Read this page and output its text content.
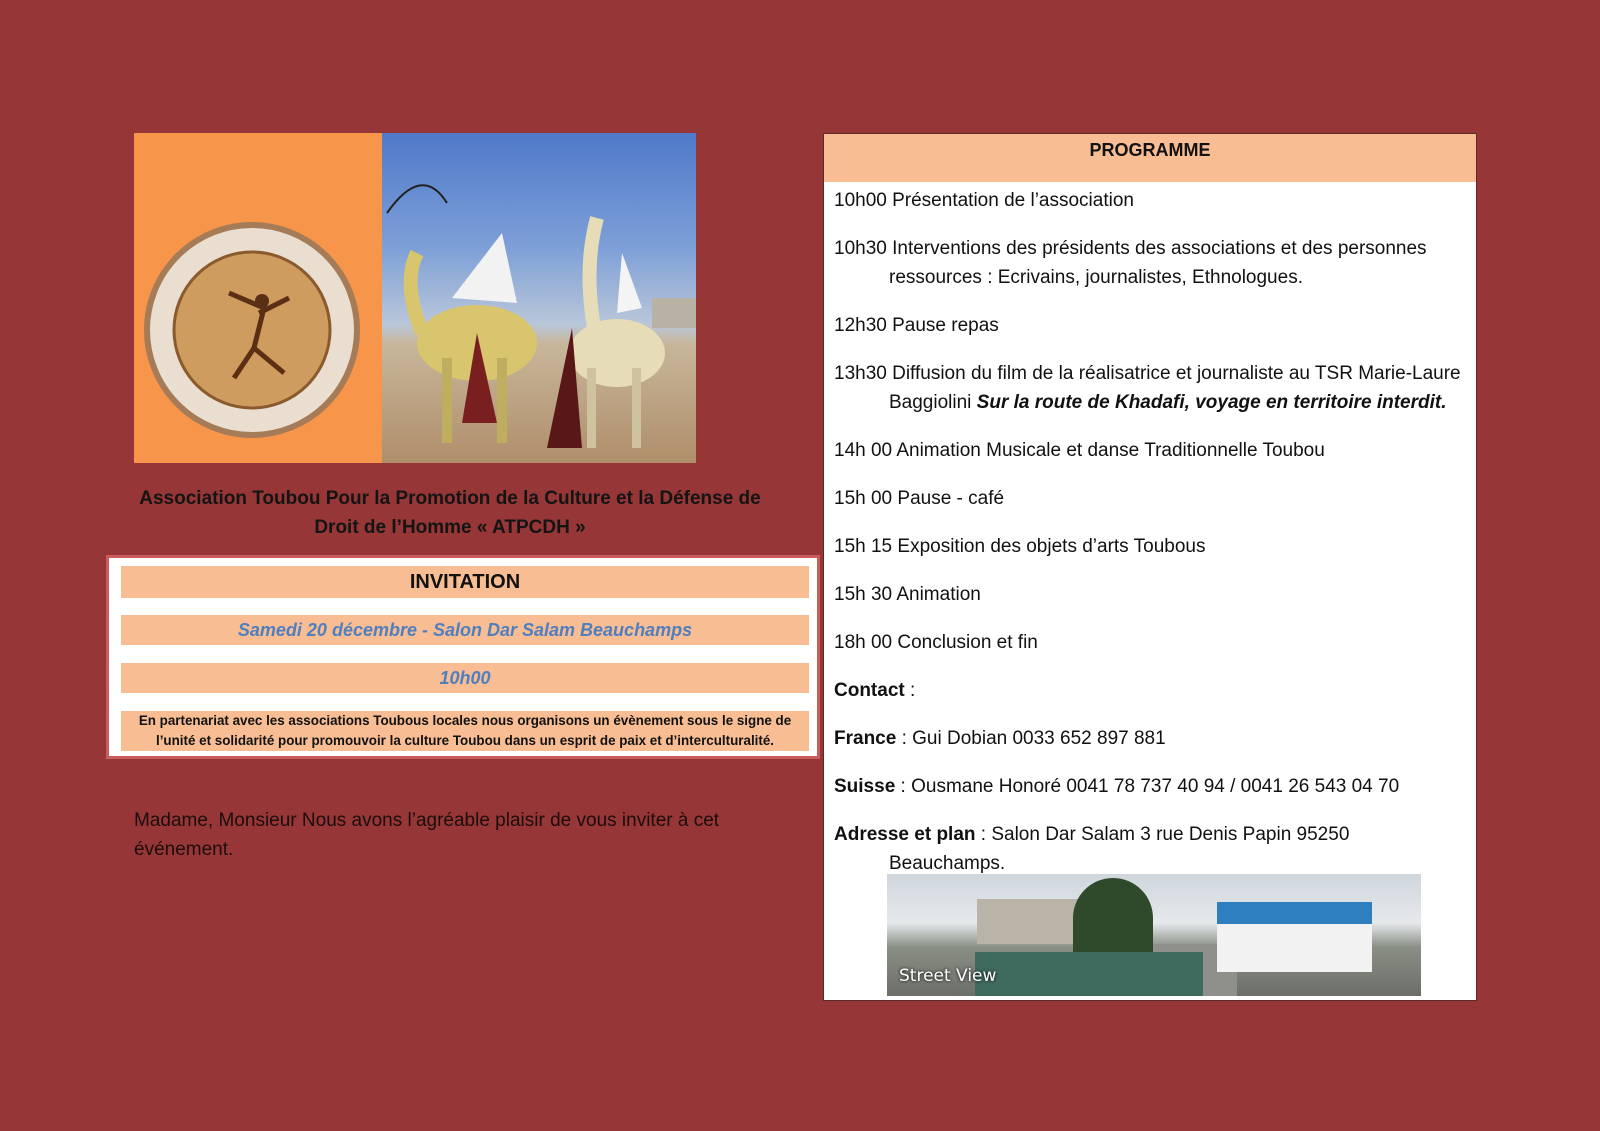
Association Toubou Pour la Promotion de la Culture et la Défense de Droit de l’Homme « ATPCDH »
INVITATION
Samedi 20 décembre - Salon Dar Salam Beauchamps
10h00
En partenariat avec les associations Toubous locales nous organisons un évènement sous le signe de l’unité et solidarité pour promouvoir la culture Toubou dans un esprit de paix et d’interculturalité.
Madame, Monsieur Nous avons l’agréable plaisir de vous inviter à cet événement.
PROGRAMME
10h00 Présentation de l’association
10h30 Interventions des présidents des associations et des personnes ressources : Ecrivains, journalistes, Ethnologues.
12h30 Pause repas
13h30 Diffusion du film de la réalisatrice et journaliste au TSR Marie-Laure Baggiolini Sur la route de Khadafi, voyage en territoire interdit.
14h 00 Animation Musicale et danse Traditionnelle Toubou
15h 00 Pause - café
15h 15 Exposition des objets d’arts Toubous
15h 30 Animation
18h 00 Conclusion et fin
Contact :
France : Gui Dobian 0033 652 897 881
Suisse : Ousmane Honoré 0041 78 737 40 94 / 0041 26 543 04 70
Adresse et plan : Salon Dar Salam 3 rue Denis Papin 95250 Beauchamps.
Street View
